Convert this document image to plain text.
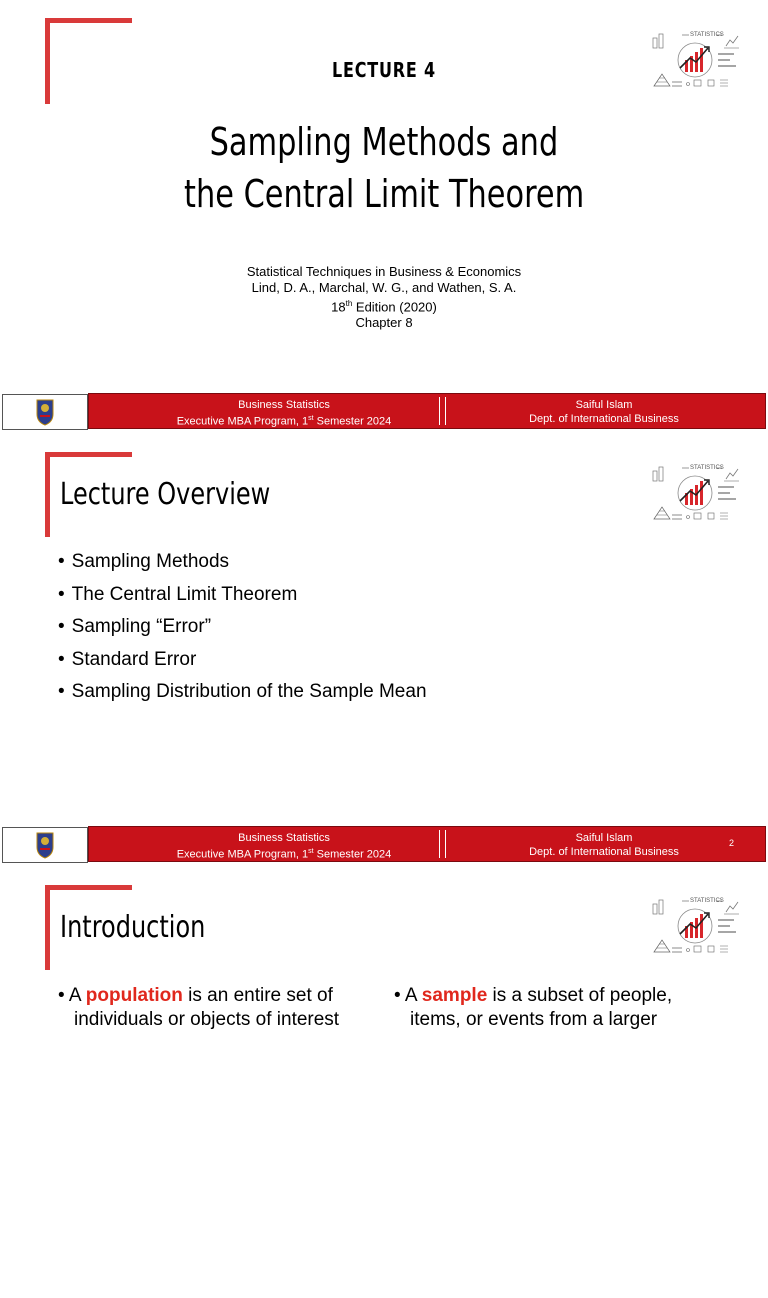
STATISTICS
LECTURE 4
Sampling Methods and
the Central Limit Theorem
Statistical Techniques in Business & Economics
Lind, D. A., Marchal, W. G., and Wathen, S. A.
18th Edition (2020)
Chapter 8
Business Statistics
Executive MBA Program, 1st Semester 2024
Saiful Islam
Dept. of International Business
STATISTICS
Lecture Overview
• Sampling Methods
• The Central Limit Theorem
• Sampling “Error”
• Standard Error
• Sampling Distribution of the Sample Mean
Business Statistics
Executive MBA Program, 1st Semester 2024
Saiful Islam
Dept. of International Business
2
STATISTICS
Introduction
• A population is an entire set of
individuals or objects of interest
• A sample is a subset of people,
items, or events from a larger
